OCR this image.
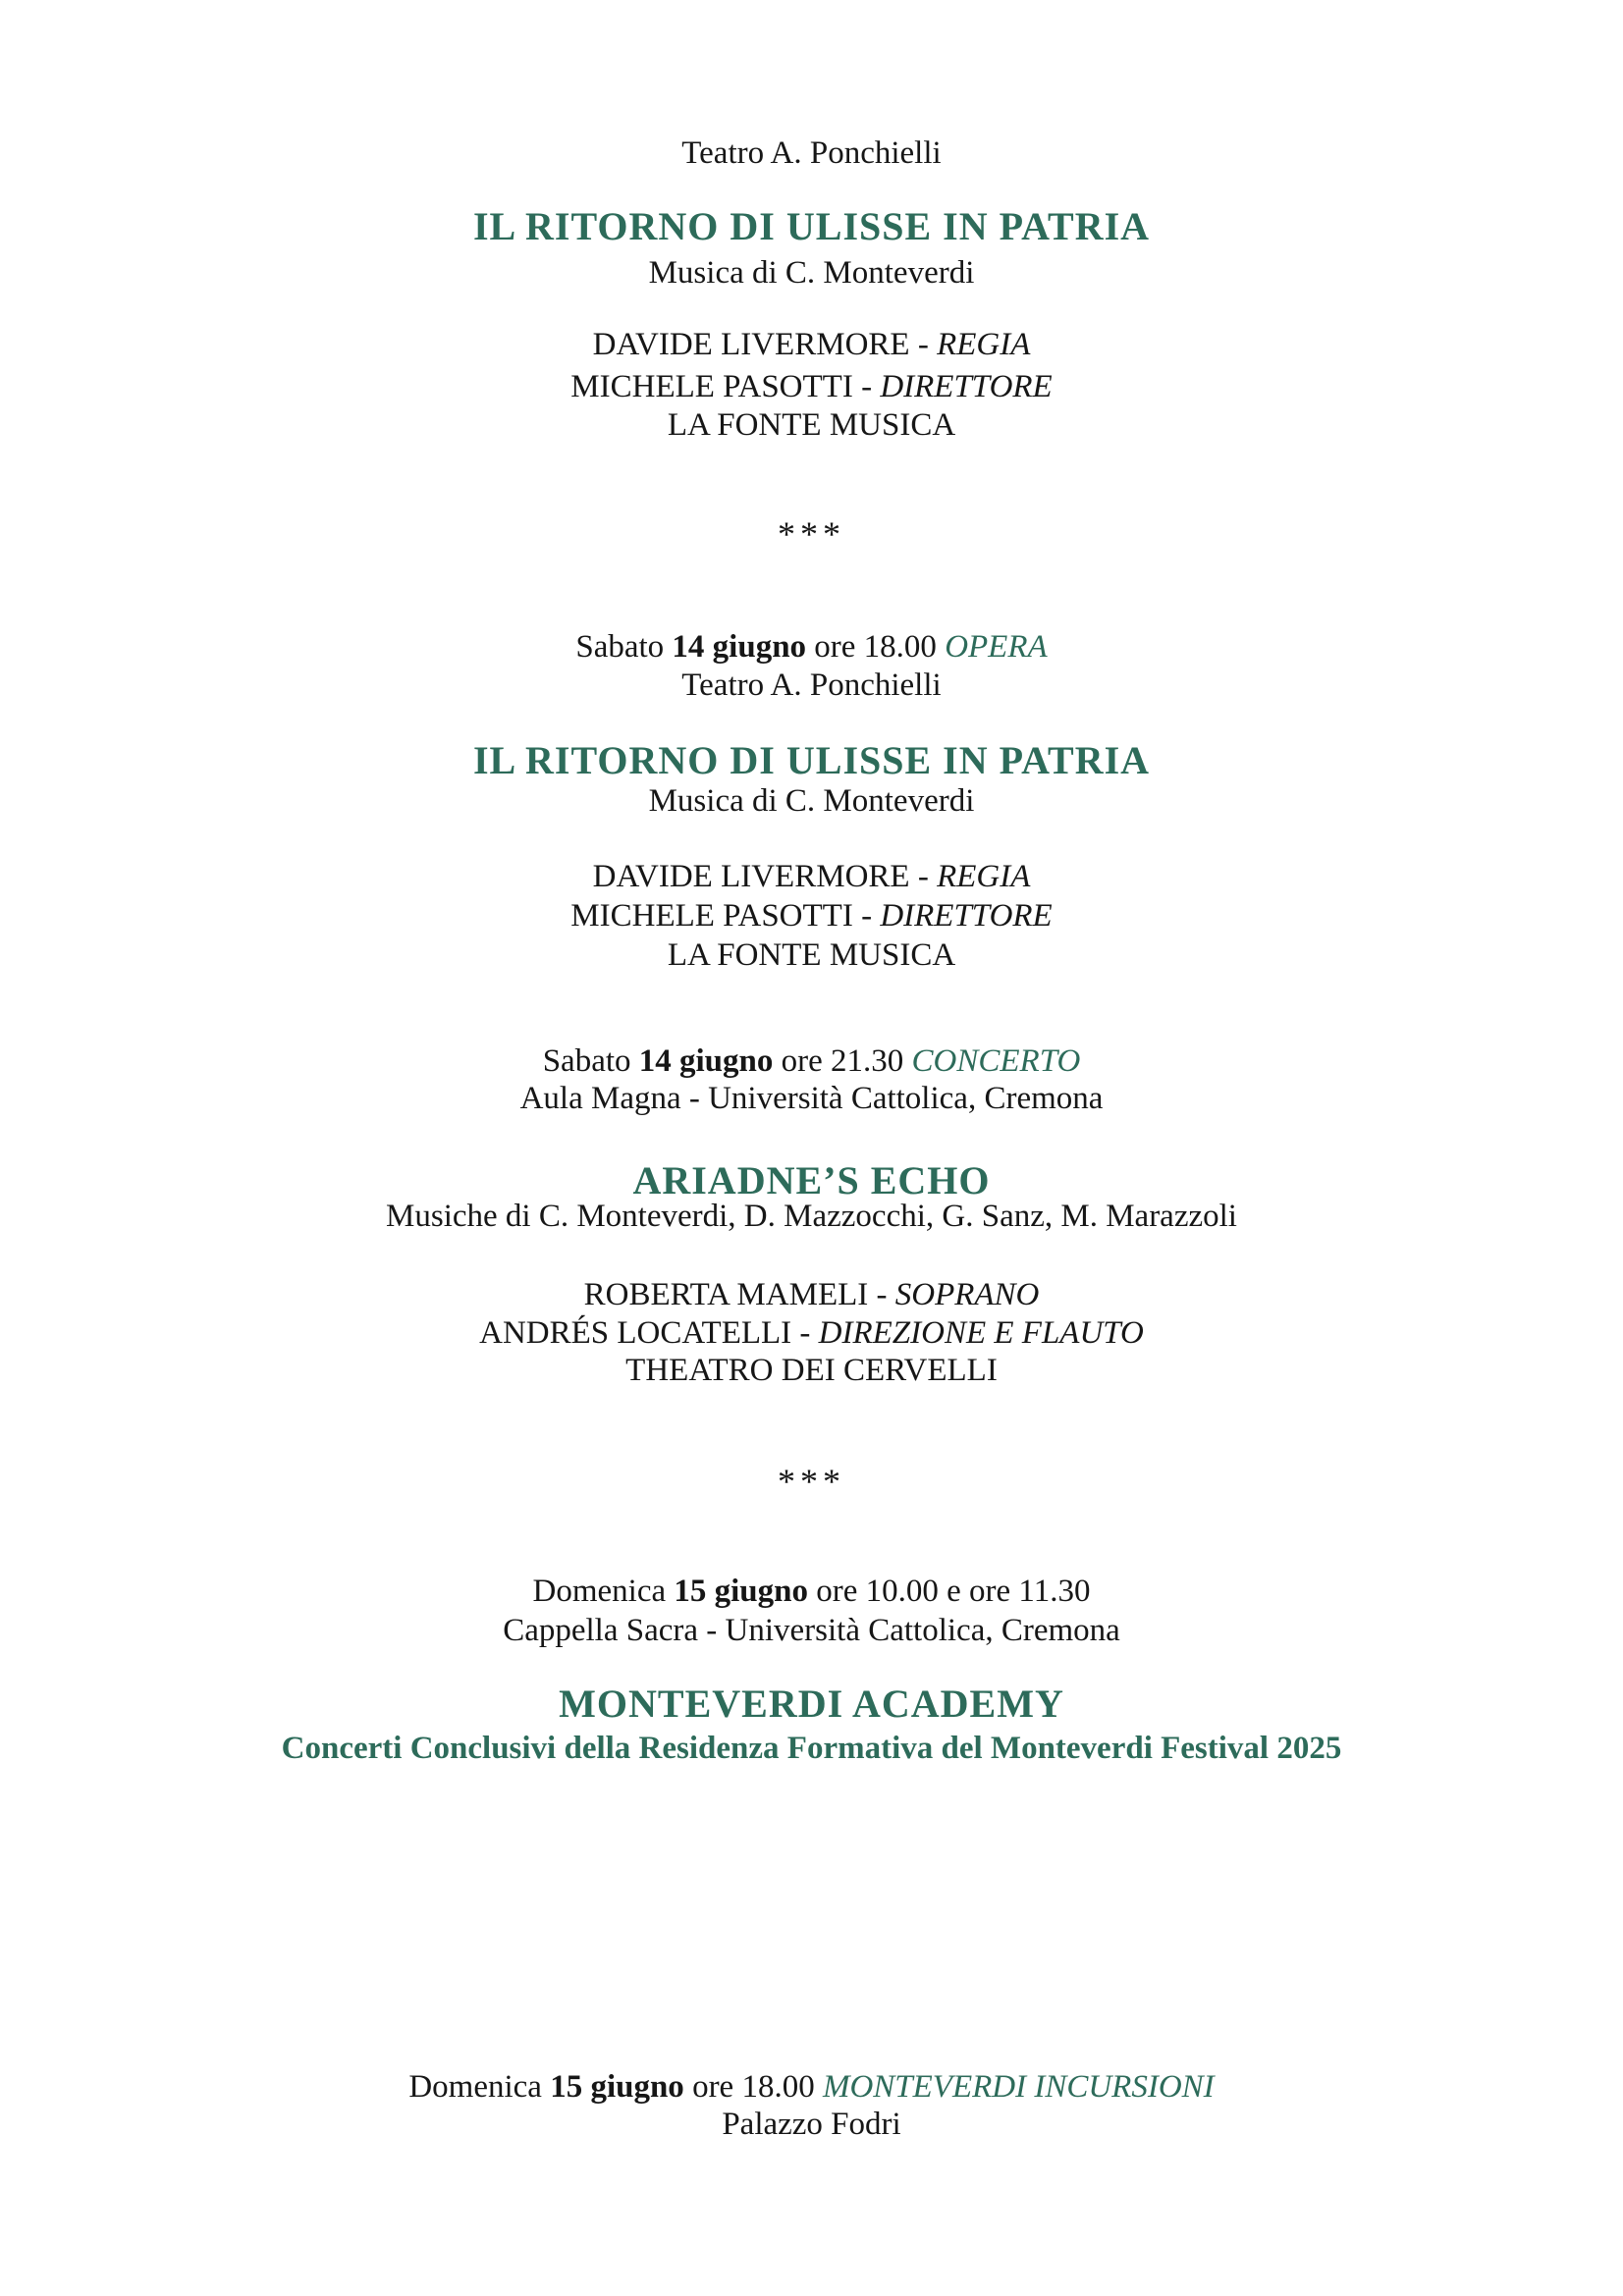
Teatro A. Ponchielli
IL RITORNO DI ULISSE IN PATRIA
Musica di C. Monteverdi
DAVIDE LIVERMORE - REGIA
MICHELE PASOTTI - DIRETTORE
LA FONTE MUSICA
***
Sabato 14 giugno ore 18.00 OPERA
Teatro A. Ponchielli
IL RITORNO DI ULISSE IN PATRIA
Musica di C. Monteverdi
DAVIDE LIVERMORE - REGIA
MICHELE PASOTTI - DIRETTORE
LA FONTE MUSICA
Sabato 14 giugno ore 21.30 CONCERTO
Aula Magna - Università Cattolica, Cremona
ARIADNE’S ECHO
Musiche di C. Monteverdi, D. Mazzocchi, G. Sanz, M. Marazzoli
ROBERTA MAMELI - SOPRANO
ANDRÉS LOCATELLI - DIREZIONE E FLAUTO
THEATRO DEI CERVELLI
***
Domenica 15 giugno ore 10.00 e ore 11.30
Cappella Sacra - Università Cattolica, Cremona
MONTEVERDI ACADEMY
Concerti Conclusivi della Residenza Formativa del Monteverdi Festival 2025
Domenica 15 giugno ore 18.00 MONTEVERDI INCURSIONI
Palazzo Fodri
